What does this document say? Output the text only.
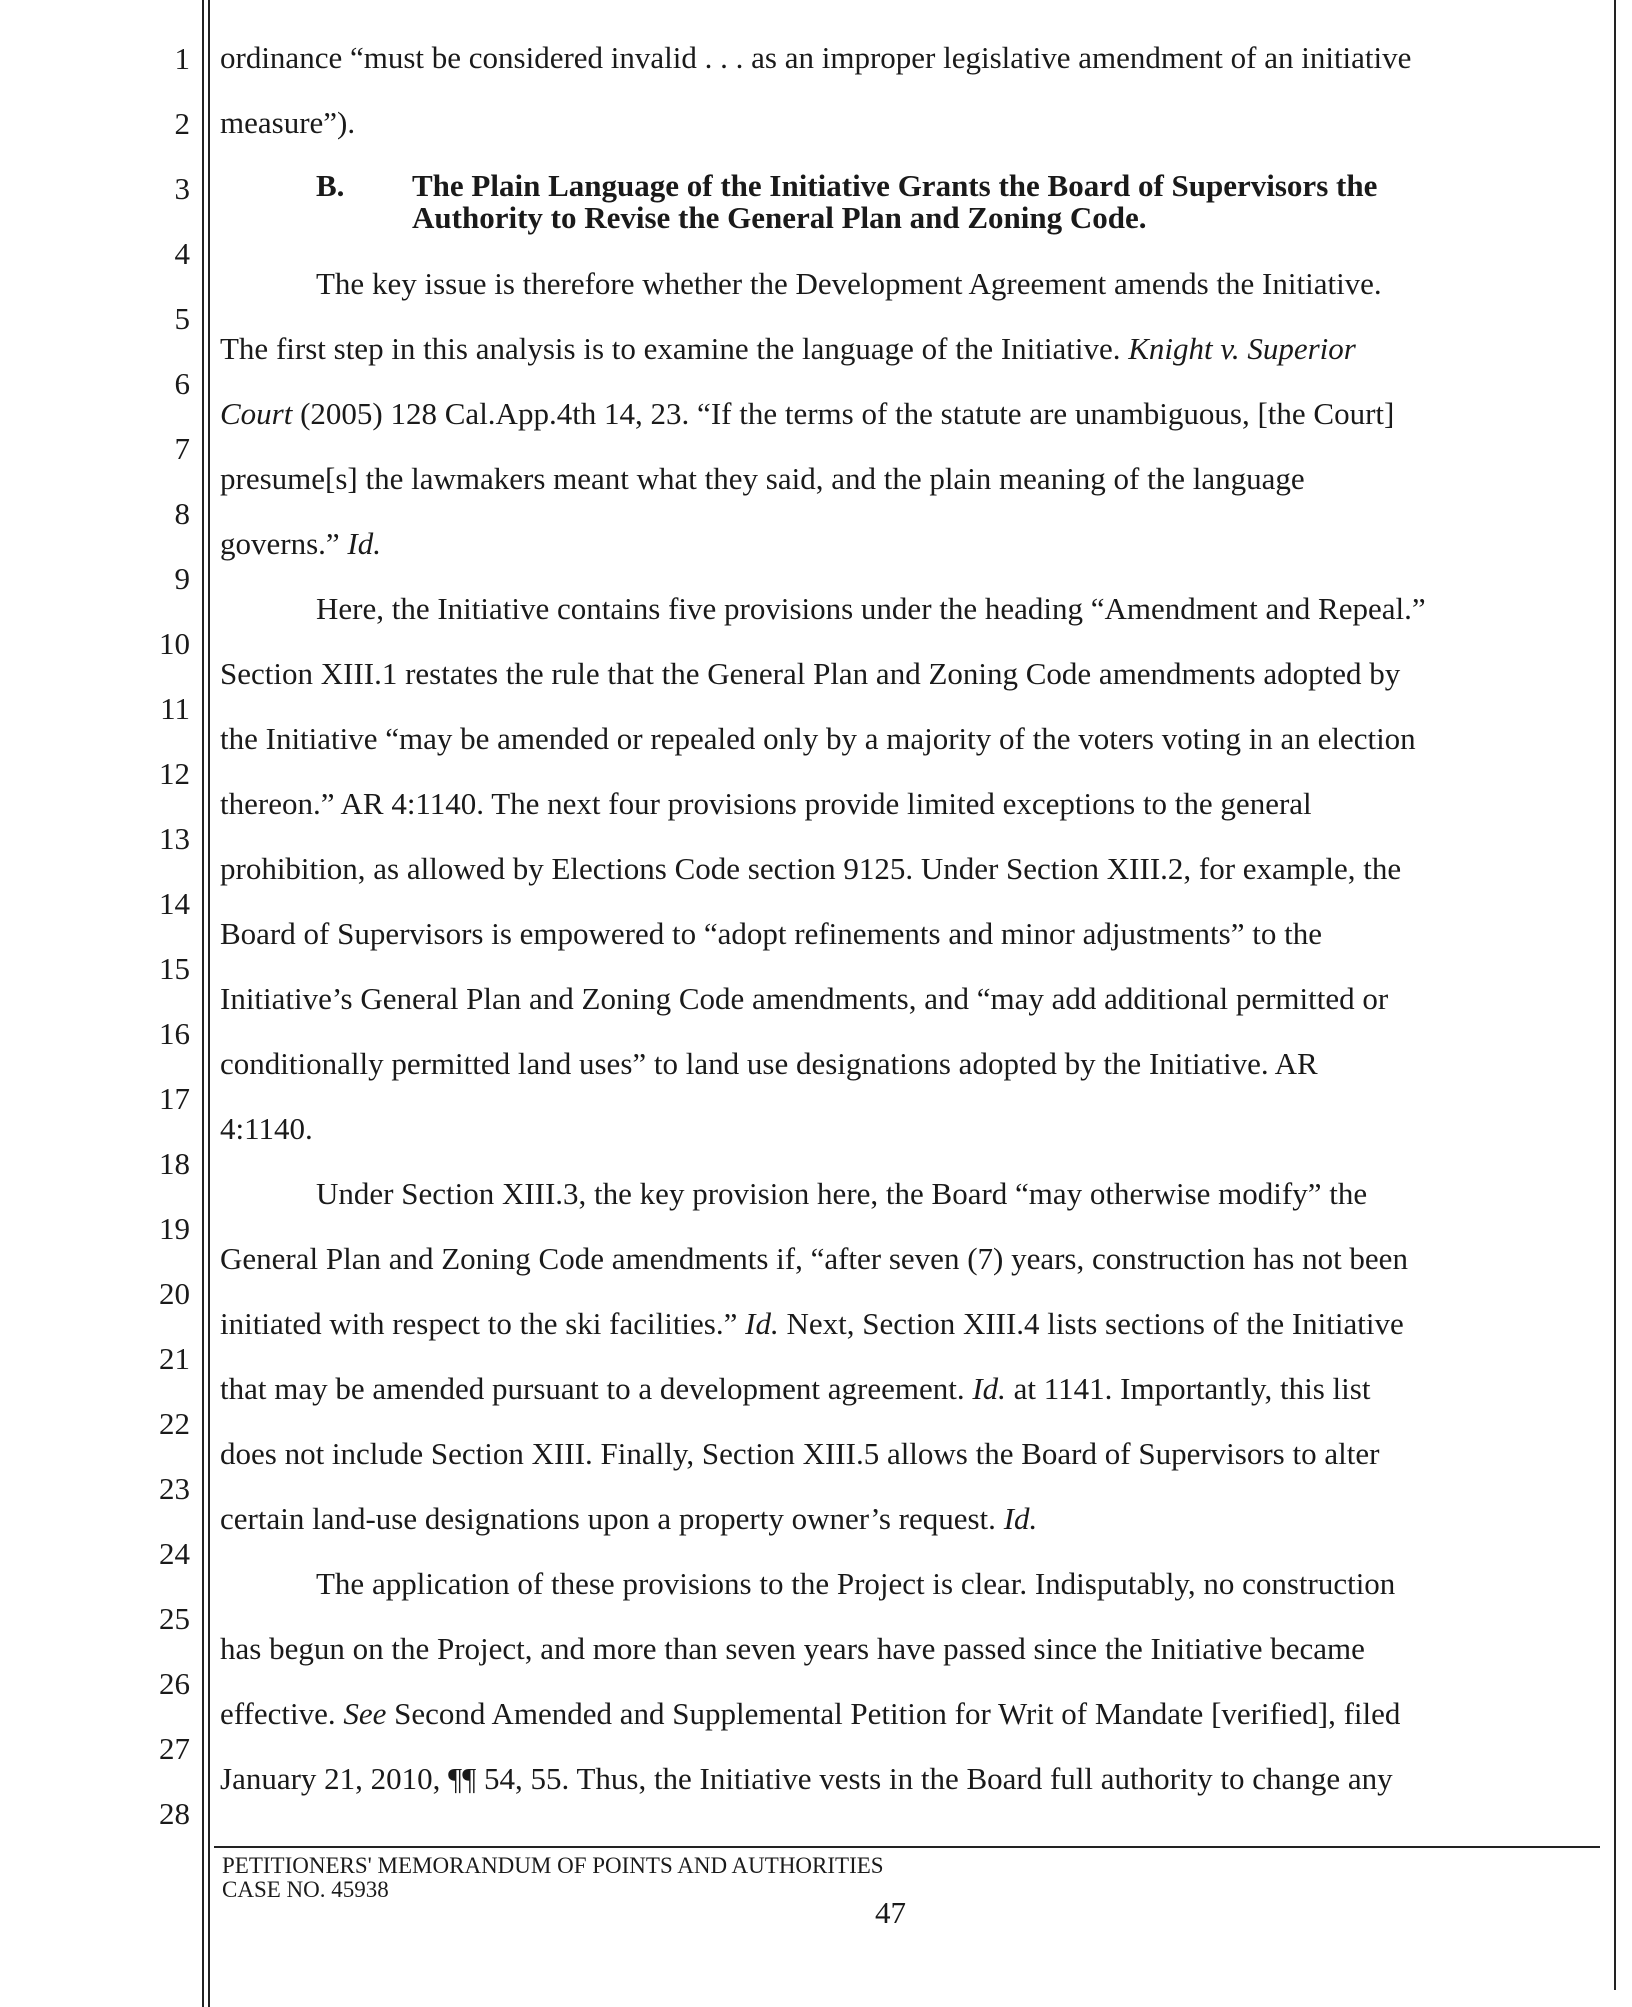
1
2
3
4
5
6
7
8
9
10
11
12
13
14
15
16
17
18
19
20
21
22
23
24
25
26
27
28
ordinance “must be considered invalid . . . as an improper legislative amendment of an initiative
measure”).
B. The Plain Language of the Initiative Grants the Board of Supervisors the
Authority to Revise the General Plan and Zoning Code.
The key issue is therefore whether the Development Agreement amends the Initiative.
The first step in this analysis is to examine the language of the Initiative. Knight v. Superior
Court (2005) 128 Cal.App.4th 14, 23. “If the terms of the statute are unambiguous, [the Court]
presume[s] the lawmakers meant what they said, and the plain meaning of the language
governs.” Id.
Here, the Initiative contains five provisions under the heading “Amendment and Repeal.”
Section XIII.1 restates the rule that the General Plan and Zoning Code amendments adopted by
the Initiative “may be amended or repealed only by a majority of the voters voting in an election
thereon.” AR 4:1140. The next four provisions provide limited exceptions to the general
prohibition, as allowed by Elections Code section 9125. Under Section XIII.2, for example, the
Board of Supervisors is empowered to “adopt refinements and minor adjustments” to the
Initiative’s General Plan and Zoning Code amendments, and “may add additional permitted or
conditionally permitted land uses” to land use designations adopted by the Initiative. AR
4:1140.
Under Section XIII.3, the key provision here, the Board “may otherwise modify” the
General Plan and Zoning Code amendments if, “after seven (7) years, construction has not been
initiated with respect to the ski facilities.” Id. Next, Section XIII.4 lists sections of the Initiative
that may be amended pursuant to a development agreement. Id. at 1141. Importantly, this list
does not include Section XIII. Finally, Section XIII.5 allows the Board of Supervisors to alter
certain land-use designations upon a property owner’s request. Id.
The application of these provisions to the Project is clear. Indisputably, no construction
has begun on the Project, and more than seven years have passed since the Initiative became
effective. See Second Amended and Supplemental Petition for Writ of Mandate [verified], filed
January 21, 2010, ¶¶ 54, 55. Thus, the Initiative vests in the Board full authority to change any
PETITIONERS' MEMORANDUM OF POINTS AND AUTHORITIES
CASE NO. 45938
47
